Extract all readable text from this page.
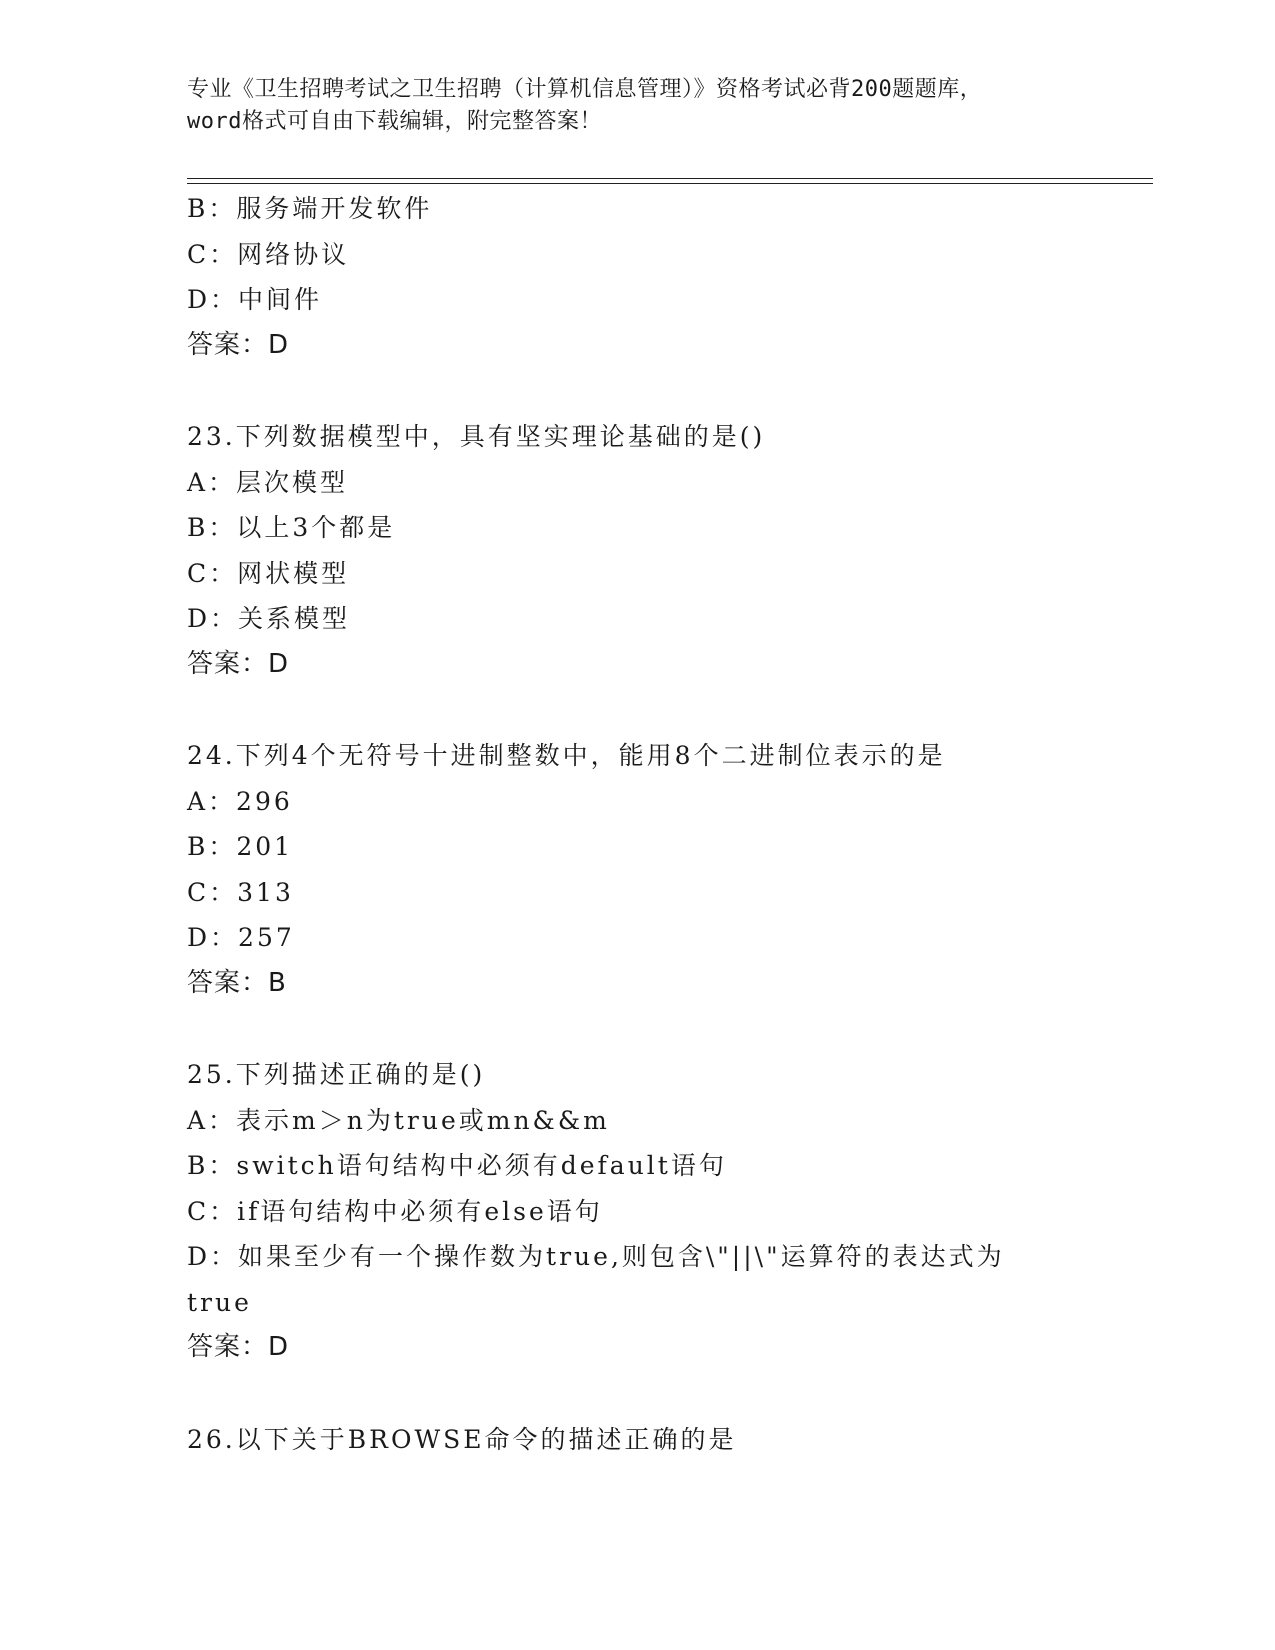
专业《卫生招聘考试之卫生招聘（计算机信息管理）》资格考试必背200题题库，
word格式可自由下载编辑，附完整答案！
B：服务端开发软件
C：网络协议
D：中间件
答案：D
23.下列数据模型中，具有坚实理论基础的是()
A：层次模型
B：以上3个都是
C：网状模型
D：关系模型
答案：D
24.下列4个无符号十进制整数中，能用8个二进制位表示的是
A：296
B：201
C：313
D：257
答案：B
25.下列描述正确的是()
A：表示m＞n为true或mn&&m
B：switch语句结构中必须有default语句
C：if语句结构中必须有else语句
D：如果至少有一个操作数为true,则包含\"||\"运算符的表达式为
true
答案：D
26.以下关于BROWSE命令的描述正确的是
